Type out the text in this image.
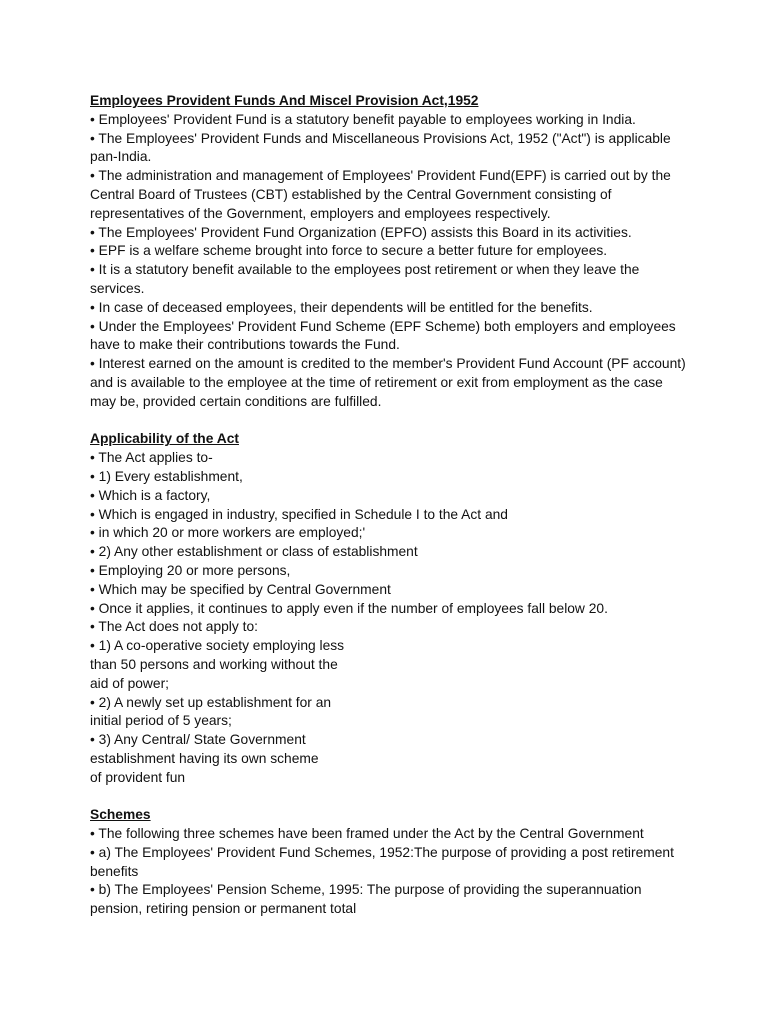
Employees Provident Funds And Miscel Provision Act,1952

• Employees' Provident Fund is a statutory benefit payable to employees working in India.

• The Employees' Provident Funds and Miscellaneous Provisions Act, 1952 ("Act") is applicable pan-India.

• The administration and management of Employees' Provident Fund(EPF) is carried out by the Central Board of Trustees (CBT) established by the Central Government consisting of representatives of the Government, employers and employees respectively.

• The Employees' Provident Fund Organization (EPFO) assists this Board in its activities.

• EPF is a welfare scheme brought into force to secure a better future for employees.

• It is a statutory benefit available to the employees post retirement or when they leave the services.

• In case of deceased employees, their dependents will be entitled for the benefits.

• Under the Employees' Provident Fund Scheme (EPF Scheme) both employers and employees have to make their contributions towards the Fund.

• Interest earned on the amount is credited to the member's Provident Fund Account (PF account) and is available to the employee at the time of retirement or exit from employment as the case may be, provided certain conditions are fulfilled.

Applicability of the Act

• The Act applies to-

• 1) Every establishment,

• Which is a factory,

• Which is engaged in industry, specified in Schedule I to the Act and

• in which 20 or more workers are employed;'

• 2) Any other establishment or class of establishment

• Employing 20 or more persons,

• Which may be specified by Central Government

• Once it applies, it continues to apply even if the number of employees fall below 20.

• The Act does not apply to:

• 1) A co-operative society employing less

than 50 persons and working without the

aid of power;

• 2) A newly set up establishment for an

initial period of 5 years;

• 3) Any Central/ State Government

establishment having its own scheme

of provident fun

Schemes

• The following three schemes have been framed under the Act by the Central Government

• a) The Employees' Provident Fund Schemes, 1952:The purpose of providing a post retirement benefits

• b) The Employees' Pension Scheme, 1995: The purpose of providing the superannuation pension, retiring pension or permanent total
